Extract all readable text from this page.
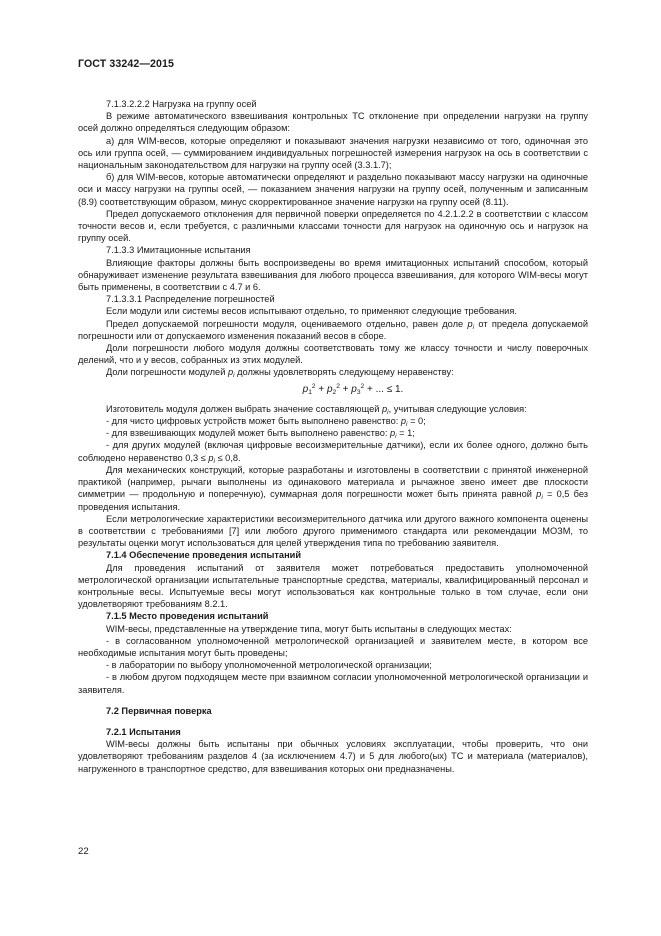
ГОСТ 33242—2015
7.1.3.2.2.2 Нагрузка на группу осей
В режиме автоматического взвешивания контрольных ТС отклонение при определении нагрузки на группу осей должно определяться следующим образом:
а) для WIM-весов, которые определяют и показывают значения нагрузки независимо от того, одиночная это ось или группа осей, — суммированием индивидуальных погрешностей измерения нагрузок на ось в соответствии с национальным законодательством для нагрузки на группу осей (3.3.1.7);
б) для WIM-весов, которые автоматически определяют и раздельно показывают массу нагрузки на одиночные оси и массу нагрузки на группы осей, — показанием значения нагрузки на группу осей, полученным и записанным (8.9) соответствующим образом, минус скорректированное значение нагрузки на группу осей (8.11).
Предел допускаемого отклонения для первичной поверки определяется по 4.2.1.2.2 в соответствии с классом точности весов и, если требуется, с различными классами точности для нагрузок на одиночную ось и нагрузок на группу осей.
7.1.3.3 Имитационные испытания
Влияющие факторы должны быть воспроизведены во время имитационных испытаний способом, который обнаруживает изменение результата взвешивания для любого процесса взвешивания, для которого WIM-весы могут быть применены, в соответствии с 4.7 и 6.
7.1.3.3.1 Распределение погрешностей
Если модули или системы весов испытывают отдельно, то применяют следующие требования.
Предел допускаемой погрешности модуля, оцениваемого отдельно, равен доле $p_i$ от предела допускаемой погрешности или от допускаемого изменения показаний весов в сборе.
Доли погрешности любого модуля должны соответствовать тому же классу точности и числу поверочных делений, что и у весов, собранных из этих модулей.
Доли погрешности модулей $p_i$ должны удовлетворять следующему неравенству:
$p_1^2 + p_2^2 + p_3^2$ + ... ≤ 1.
Изготовитель модуля должен выбрать значение составляющей $p_i$, учитывая следующие условия:
- для чисто цифровых устройств может быть выполнено равенство: $p_i = 0$;
- для взвешивающих модулей может быть выполнено равенство: $p_i = 1$;
- для других модулей (включая цифровые весоизмерительные датчики), если их более одного, должно быть соблюдено неравенство $0,3 \le p_i \le 0,8$.
Для механических конструкций, которые разработаны и изготовлены в соответствии с принятой инженерной практикой (например, рычаги выполнены из одинакового материала и рычажное звено имеет две плоскости симметрии — продольную и поперечную), суммарная доля погрешности может быть принята равной $p_i = 0,5$ без проведения испытания.
Если метрологические характеристики весоизмерительного датчика или другого важного компонента оценены в соответствии с требованиями [7] или любого другого применимого стандарта или рекомендации МОЗМ, то результаты оценки могут использоваться для целей утверждения типа по требованию заявителя.
7.1.4 Обеспечение проведения испытаний
Для проведения испытаний от заявителя может потребоваться предоставить уполномоченной метрологической организации испытательные транспортные средства, материалы, квалифицированный персонал и контрольные весы. Испытуемые весы могут использоваться как контрольные только в том случае, если они удовлетворяют требованиям 8.2.1.
7.1.5 Место проведения испытаний
WIM-весы, представленные на утверждение типа, могут быть испытаны в следующих местах:
- в согласованном уполномоченной метрологической организацией и заявителем месте, в котором все необходимые испытания могут быть проведены;
- в лаборатории по выбору уполномоченной метрологической организации;
- в любом другом подходящем месте при взаимном согласии уполномоченной метрологической организации и заявителя.
7.2 Первичная поверка
7.2.1 Испытания
WIM-весы должны быть испытаны при обычных условиях эксплуатации, чтобы проверить, что они удовлетворяют требованиям разделов 4 (за исключением 4.7) и 5 для любого(ых) ТС и материала (материалов), нагруженного в транспортное средство, для взвешивания которых они предназначены.
22
